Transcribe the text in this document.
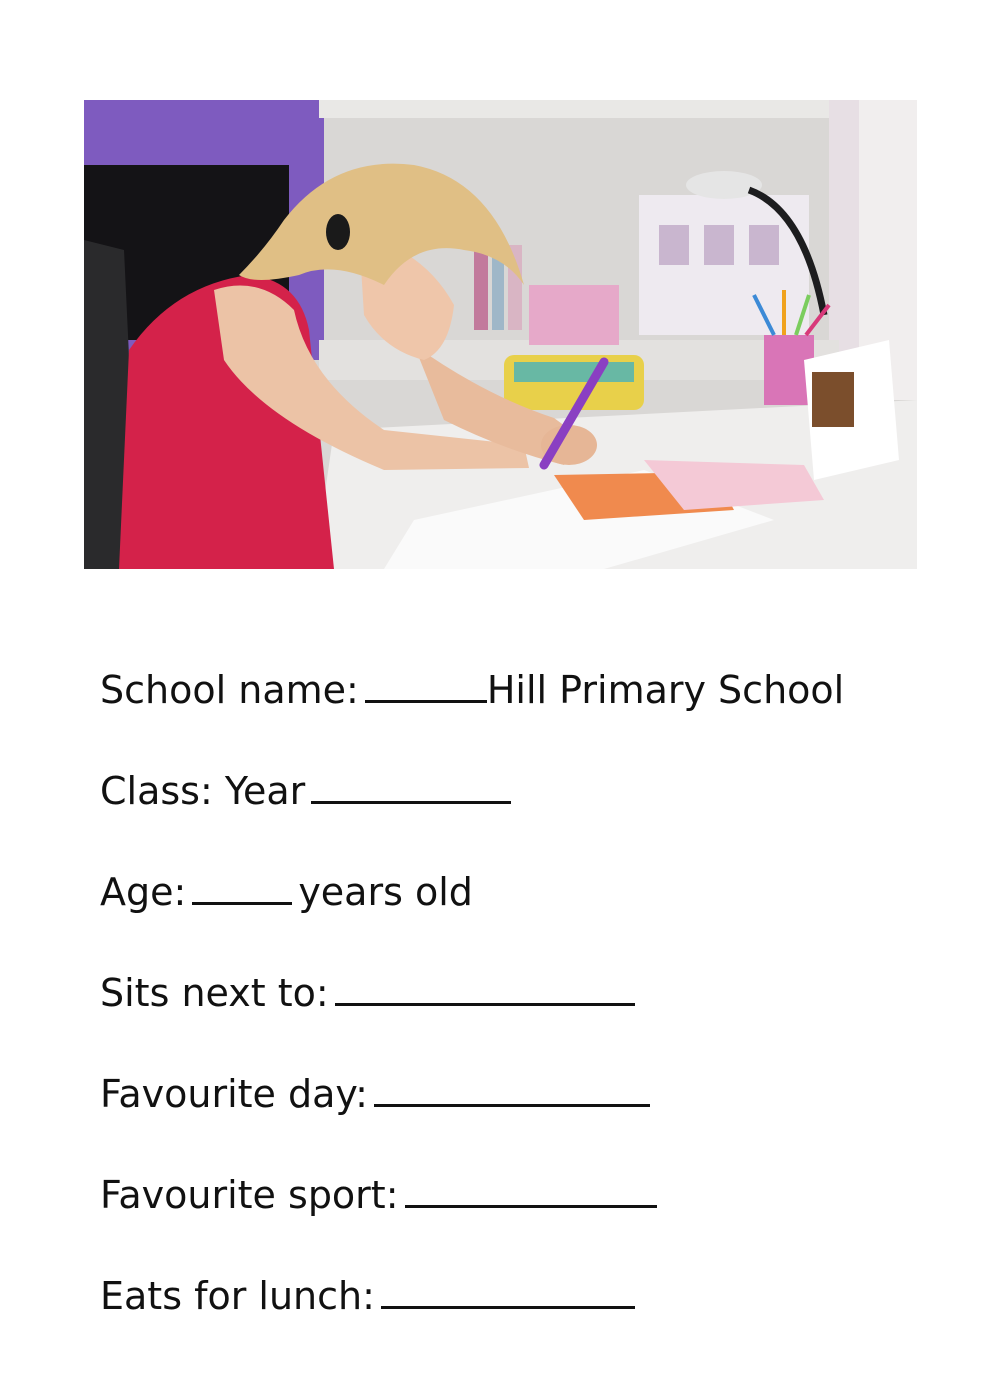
School name:	Hill Primary School
Class: Year
Age:	years old
Sits next to:
Favourite day:
Favourite sport:
Eats for lunch:
